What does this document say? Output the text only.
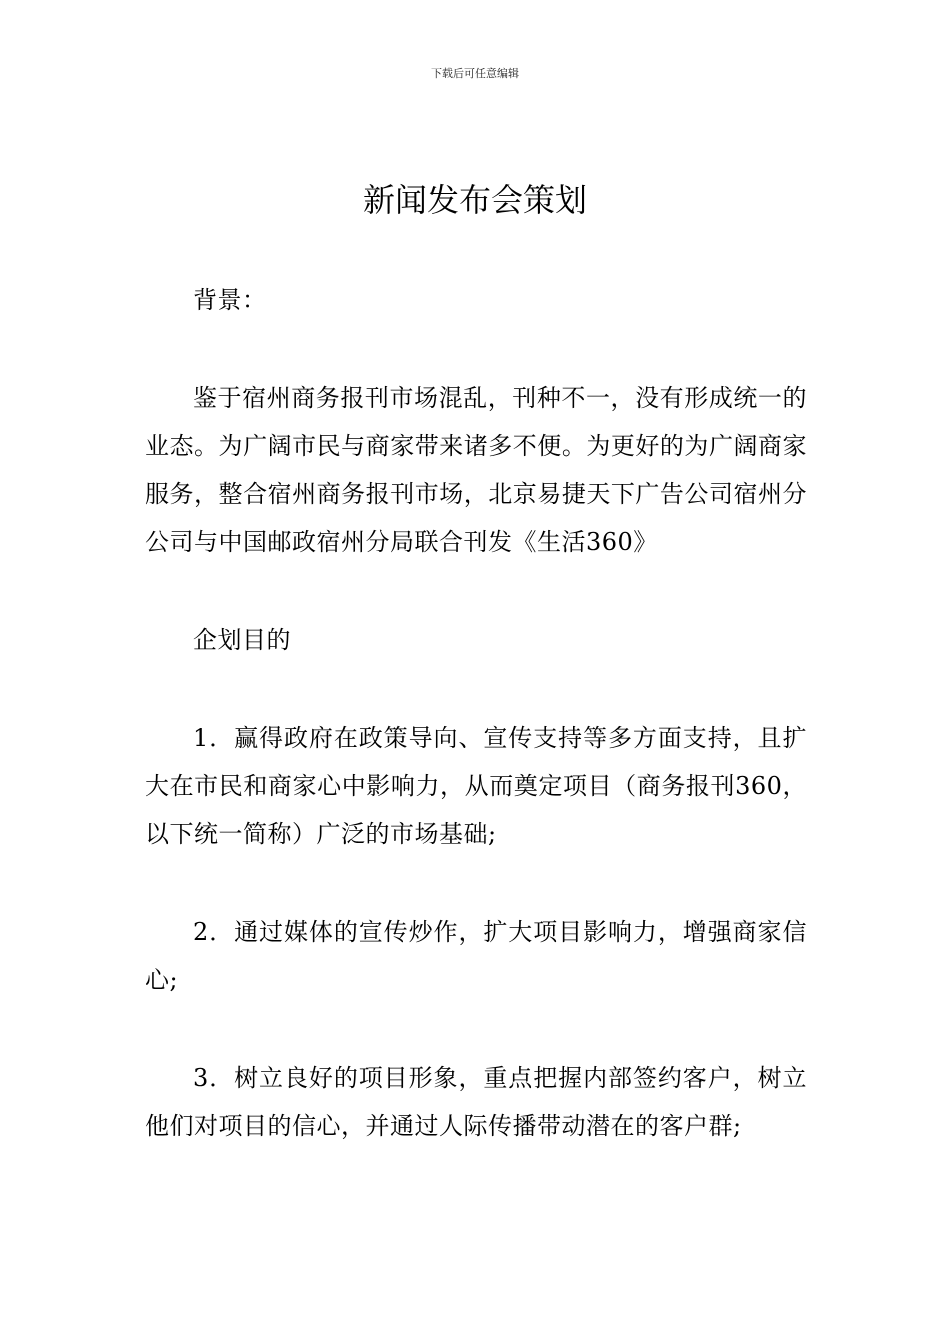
下载后可任意编辑
新闻发布会策划

背景：

鉴于宿州商务报刊市场混乱，刊种不一，没有形成统一的业态。为广阔市民与商家带来诸多不便。为更好的为广阔商家服务，整合宿州商务报刊市场，北京易捷天下广告公司宿州分公司与中国邮政宿州分局联合刊发《生活360》

企划目的

1．赢得政府在政策导向、宣传支持等多方面支持，且扩大在市民和商家心中影响力，从而奠定项目（商务报刊360，以下统一简称）广泛的市场基础;

2．通过媒体的宣传炒作，扩大项目影响力，增强商家信心;

3．树立良好的项目形象，重点把握内部签约客户，树立他们对项目的信心，并通过人际传播带动潜在的客户群;
